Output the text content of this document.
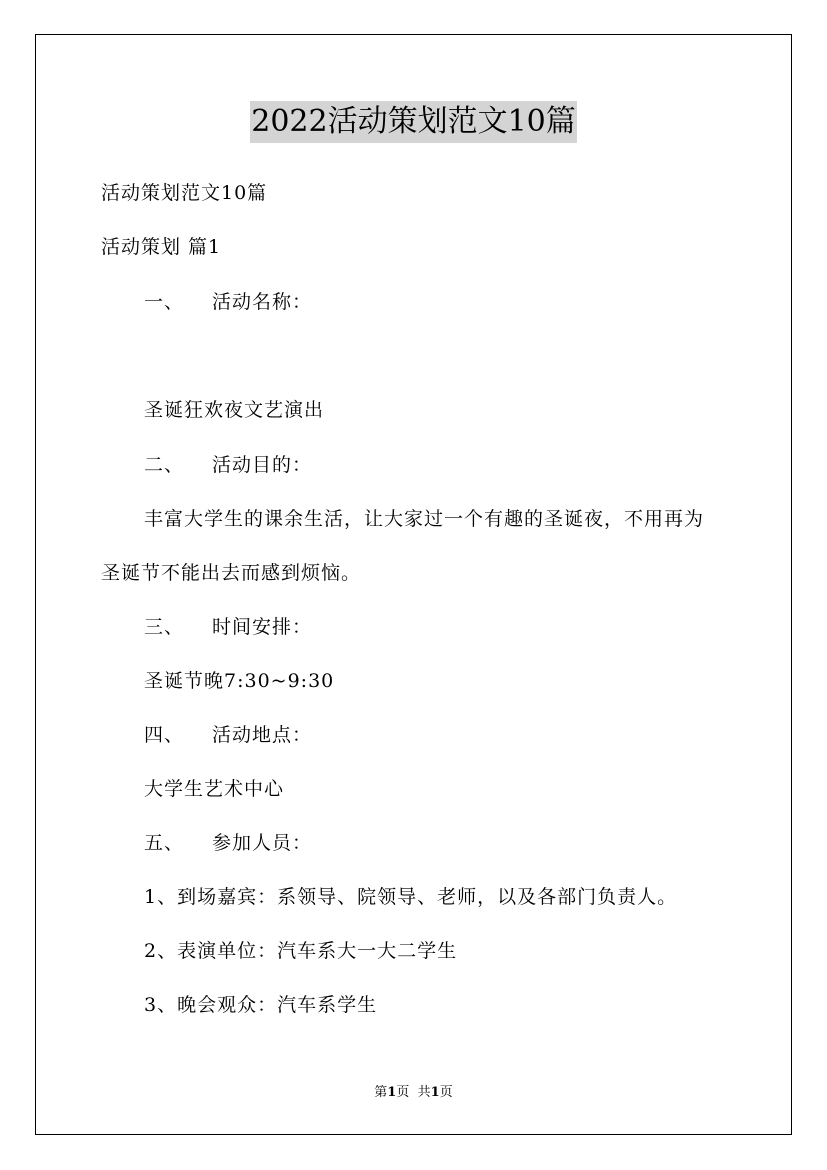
2022活动策划范文10篇
活动策划范文10篇
活动策划 篇1
一、 活动名称：
圣诞狂欢夜文艺演出
二、 活动目的：
丰富大学生的课余生活，让大家过一个有趣的圣诞夜，不用再为
圣诞节不能出去而感到烦恼。
三、 时间安排：
圣诞节晚7:30~9:30
四、 活动地点：
大学生艺术中心
五、 参加人员：
1、到场嘉宾：系领导、院领导、老师，以及各部门负责人。
2、表演单位：汽车系大一大二学生
3、晚会观众：汽车系学生
第1页 共1页
